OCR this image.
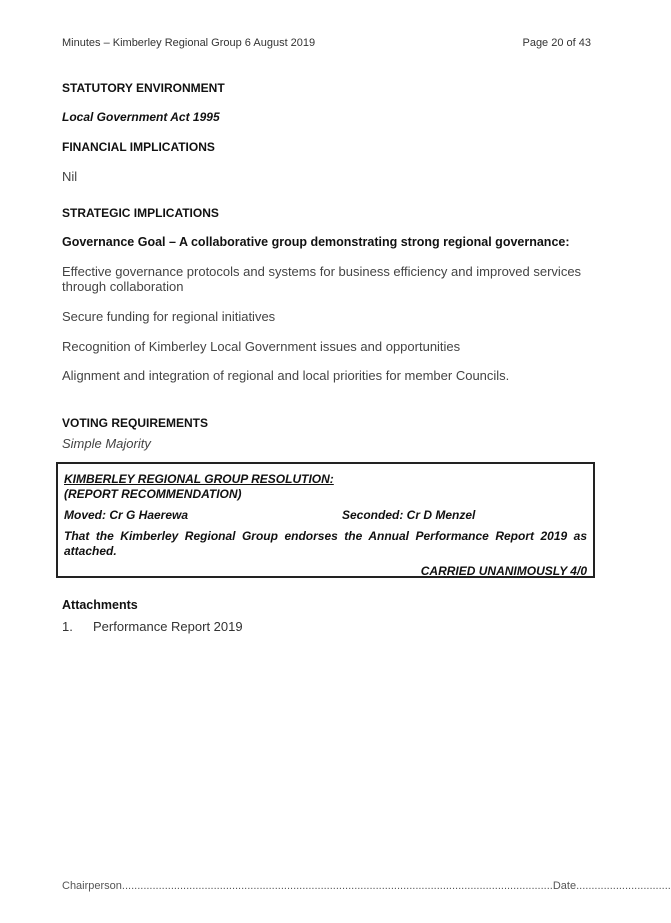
Minutes – Kimberley Regional Group 6 August 2019	Page 20 of 43
STATUTORY ENVIRONMENT
Local Government Act 1995
FINANCIAL IMPLICATIONS
Nil
STRATEGIC IMPLICATIONS
Governance Goal – A collaborative group demonstrating strong regional governance:
Effective governance protocols and systems for business efficiency and improved services through collaboration
Secure funding for regional initiatives
Recognition of Kimberley Local Government issues and opportunities
Alignment and integration of regional and local priorities for member Councils.
VOTING REQUIREMENTS
Simple Majority
Attachments
1.	Performance Report 2019
KIMBERLEY REGIONAL GROUP RESOLUTION:
(REPORT RECOMMENDATION)
Moved: Cr G Haerewa	Seconded: Cr D Menzel
That the Kimberley Regional Group endorses the Annual Performance Report 2019 as attached.
CARRIED UNANIMOUSLY 4/0
Chairperson.............................................................................................................................................Date...............................
